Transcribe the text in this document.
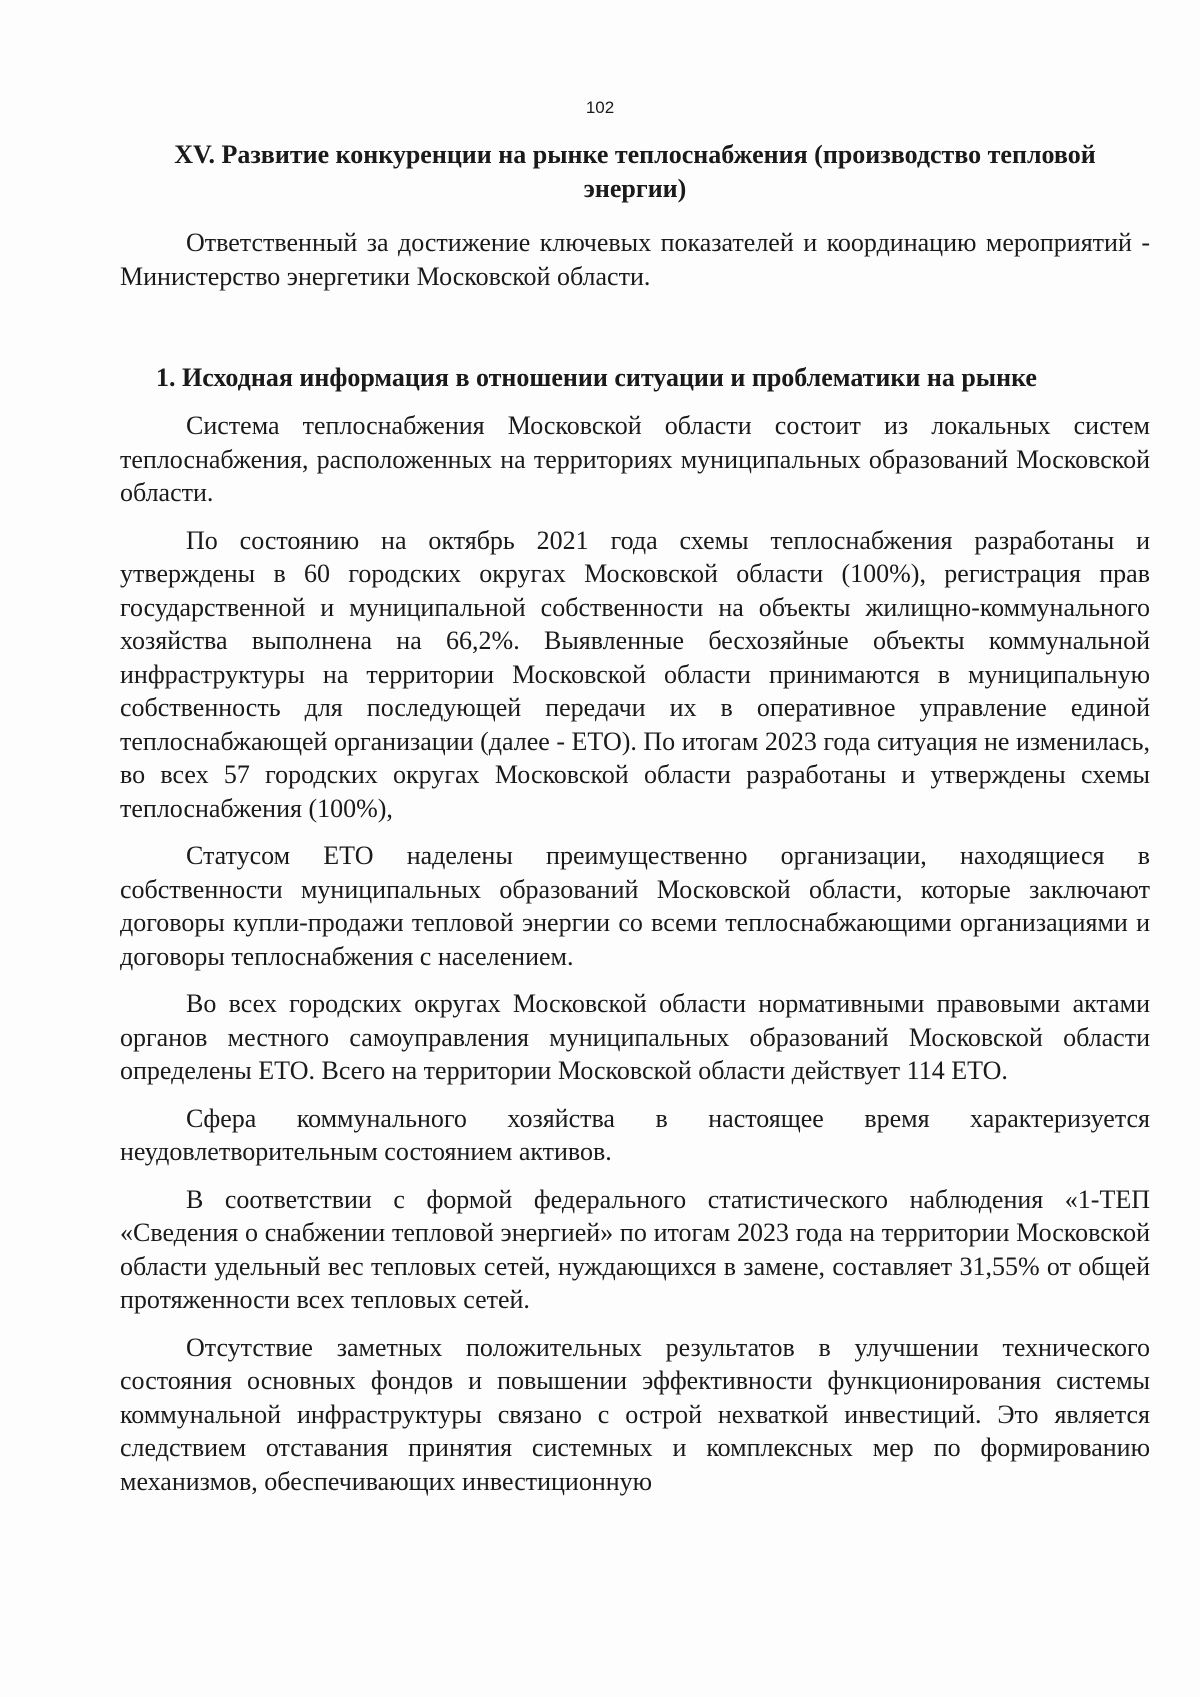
102
XV. Развитие конкуренции на рынке теплоснабжения (производство тепловой энергии)

Ответственный за достижение ключевых показателей и координацию мероприятий - Министерство энергетики Московской области.

1. Исходная информация в отношении ситуации и проблематики на рынке

Система теплоснабжения Московской области состоит из локальных систем теплоснабжения, расположенных на территориях муниципальных образований Московской области.

По состоянию на октябрь 2021 года схемы теплоснабжения разработаны и утверждены в 60 городских округах Московской области (100%), регистрация прав государственной и муниципальной собственности на объекты жилищно-коммунального хозяйства выполнена на 66,2%. Выявленные бесхозяйные объекты коммунальной инфраструктуры на территории Московской области принимаются в муниципальную собственность для последующей передачи их в оперативное управление единой теплоснабжающей организации (далее - ЕТО). По итогам 2023 года ситуация не изменилась, во всех 57 городских округах Московской области разработаны и утверждены схемы теплоснабжения (100%),

Статусом ЕТО наделены преимущественно организации, находящиеся в собственности муниципальных образований Московской области, которые заключают договоры купли-продажи тепловой энергии со всеми теплоснабжающими организациями и договоры теплоснабжения с населением.

Во всех городских округах Московской области нормативными правовыми актами органов местного самоуправления муниципальных образований Московской области определены ЕТО. Всего на территории Московской области действует 114 ЕТО.

Сфера коммунального хозяйства в настоящее время характеризуется неудовлетворительным состоянием активов.

В соответствии с формой федерального статистического наблюдения «1-ТЕП «Сведения о снабжении тепловой энергией» по итогам 2023 года на территории Московской области удельный вес тепловых сетей, нуждающихся в замене, составляет 31,55% от общей протяженности всех тепловых сетей.

Отсутствие заметных положительных результатов в улучшении технического состояния основных фондов и повышении эффективности функционирования системы коммунальной инфраструктуры связано с острой нехваткой инвестиций. Это является следствием отставания принятия системных и комплексных мер по формированию механизмов, обеспечивающих инвестиционную
